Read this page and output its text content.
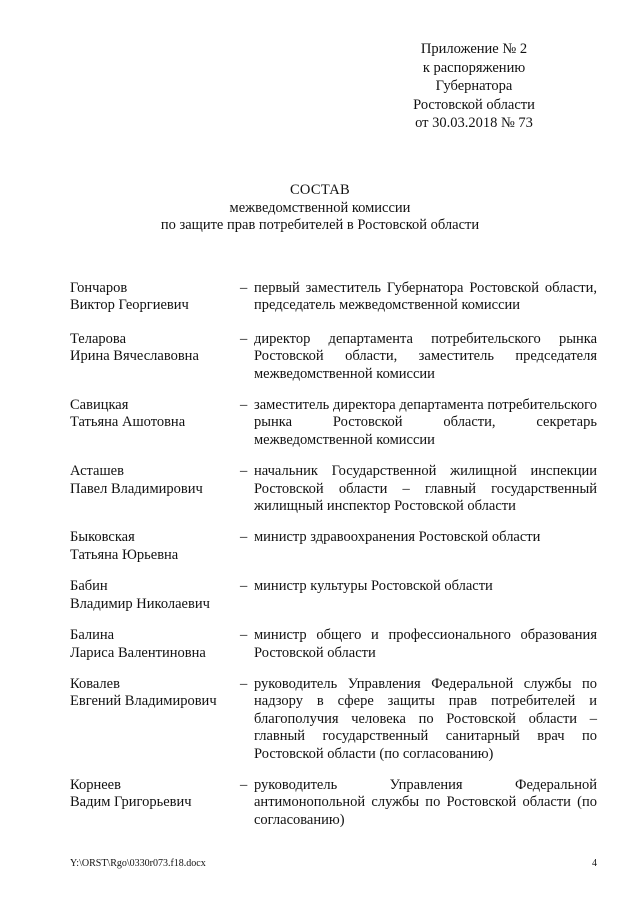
Приложение № 2
к распоряжению
Губернатора
Ростовской области
от 30.03.2018 № 73
СОСТАВ
межведомственной комиссии
по защите прав потребителей в Ростовской области
Гончаров
Виктор Георгиевич
– первый заместитель Губернатора Ростовской области, председатель межведомственной комиссии
Теларова
Ирина Вячеславовна
– директор департамента потребительского рынка Ростовской области, заместитель председателя межведомственной комиссии
Савицкая
Татьяна Ашотовна
– заместитель директора департамента потребительского рынка Ростовской области, секретарь межведомственной комиссии
Асташев
Павел Владимирович
– начальник Государственной жилищной инспекции Ростовской области – главный государственный жилищный инспектор Ростовской области
Быковская
Татьяна Юрьевна
– министр здравоохранения Ростовской области
Бабин
Владимир Николаевич
– министр культуры Ростовской области
Балина
Лариса Валентиновна
– министр общего и профессионального образования Ростовской области
Ковалев
Евгений Владимирович
– руководитель Управления Федеральной службы по надзору в сфере защиты прав потребителей и благополучия человека по Ростовской области – главный государственный санитарный врач по Ростовской области (по согласованию)
Корнеев
Вадим Григорьевич
– руководитель Управления Федеральной антимонопольной службы по Ростовской области (по согласованию)
Y:\ORST\Rgo\0330r073.f18.docx	4
